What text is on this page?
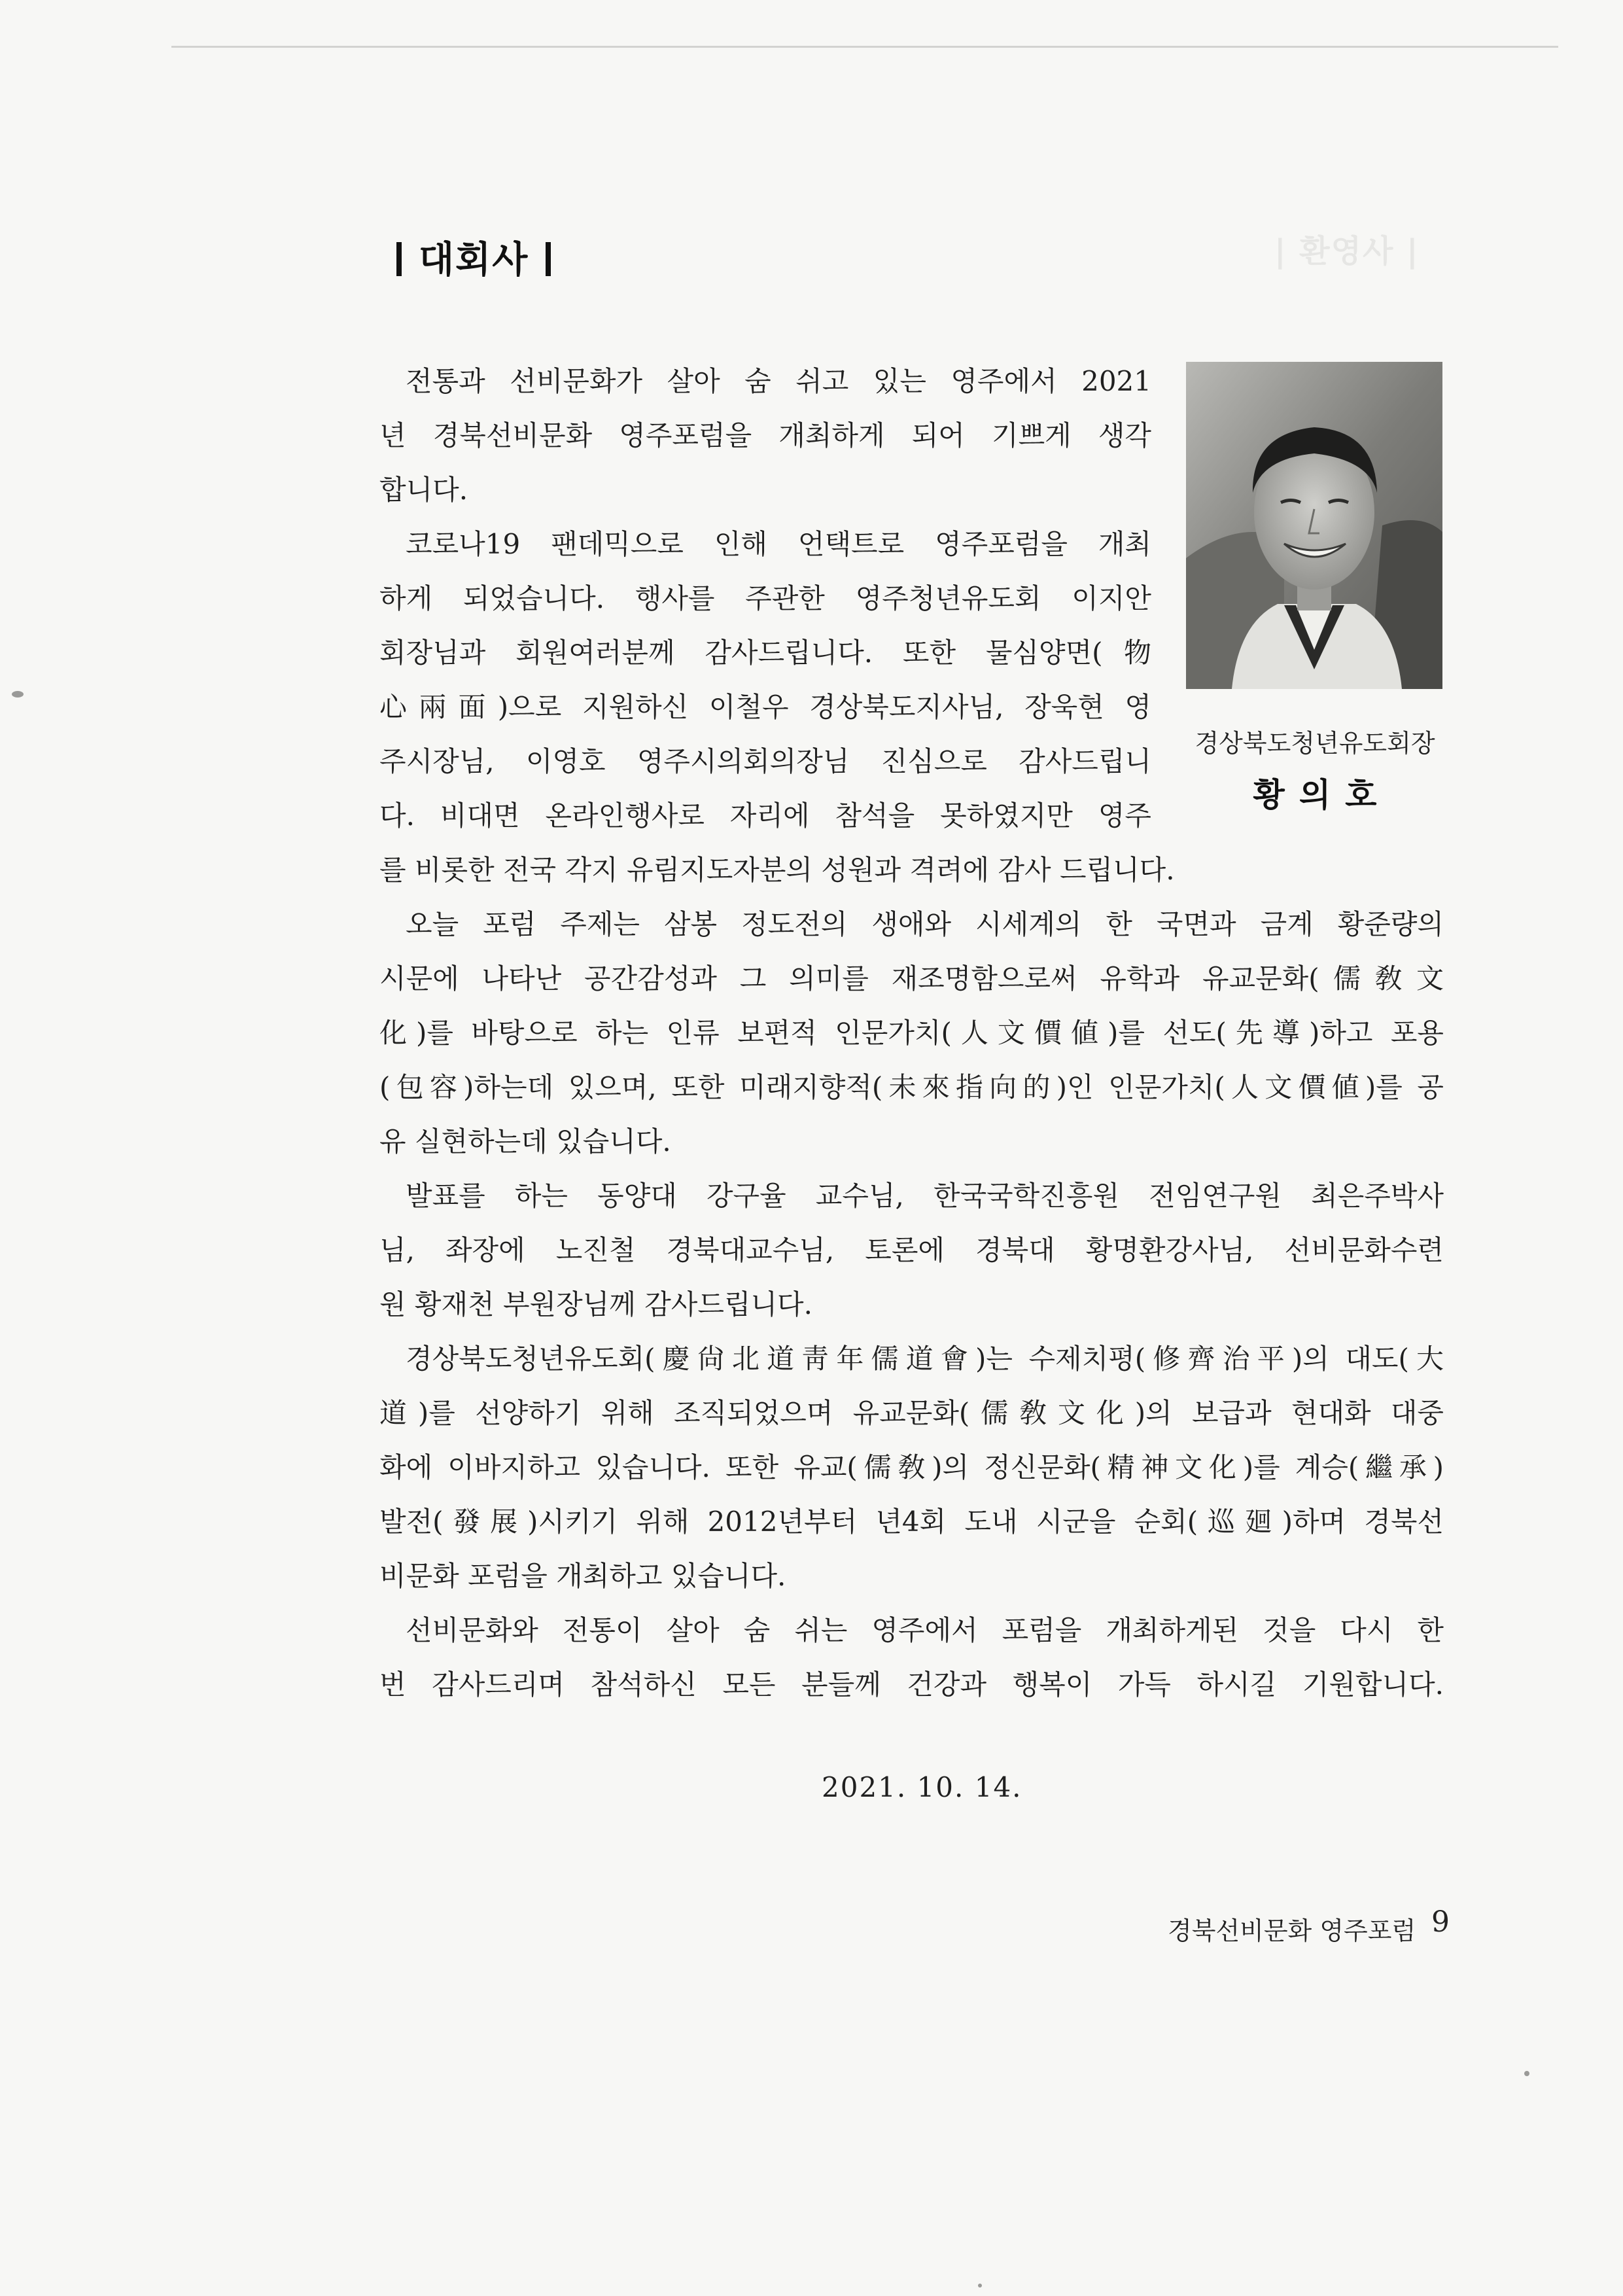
| 환영사 |
대회사
경상북도청년유도회장
황의호
전통과 선비문화가 살아 숨 쉬고 있는 영주에서 2021
년 경북선비문화 영주포럼을 개최하게 되어 기쁘게 생각
합니다.
코로나19 팬데믹으로 인해 언택트로 영주포럼을 개최
하게 되었습니다. 행사를 주관한 영주청년유도회 이지안
회장님과 회원여러분께 감사드립니다. 또한 물심양면(物
心兩面)으로 지원하신 이철우 경상북도지사님, 장욱현 영
주시장님, 이영호 영주시의회의장님 진심으로 감사드립니
다. 비대면 온라인행사로 자리에 참석을 못하였지만 영주
를 비롯한 전국 각지 유림지도자분의 성원과 격려에 감사 드립니다.
오늘 포럼 주제는 삼봉 정도전의 생애와 시세계의 한 국면과 금계 황준량의
시문에 나타난 공간감성과 그 의미를 재조명함으로써 유학과 유교문화(儒敎文
化)를 바탕으로 하는 인류 보편적 인문가치(人文價値)를 선도(先導)하고 포용
(包容)하는데 있으며, 또한 미래지향적(未來指向的)인 인문가치(人文價値)를 공
유 실현하는데 있습니다.
발표를 하는 동양대 강구율 교수님, 한국국학진흥원 전임연구원 최은주박사
님, 좌장에 노진철 경북대교수님, 토론에 경북대 황명환강사님, 선비문화수련
원 황재천 부원장님께 감사드립니다.
경상북도청년유도회(慶尙北道靑年儒道會)는 수제치평(修齊治平)의 대도(大
道)를 선양하기 위해 조직되었으며 유교문화(儒敎文化)의 보급과 현대화 대중
화에 이바지하고 있습니다. 또한 유교(儒敎)의 정신문화(精神文化)를 계승(繼承)
발전(發展)시키기 위해 2012년부터 년4회 도내 시군을 순회(巡廻)하며 경북선
비문화 포럼을 개최하고 있습니다.
선비문화와 전통이 살아 숨 쉬는 영주에서 포럼을 개최하게된 것을 다시 한
번 감사드리며 참석하신 모든 분들께 건강과 행복이 가득 하시길 기원합니다.
2021. 10. 14.
경북선비문화 영주포럼 9
